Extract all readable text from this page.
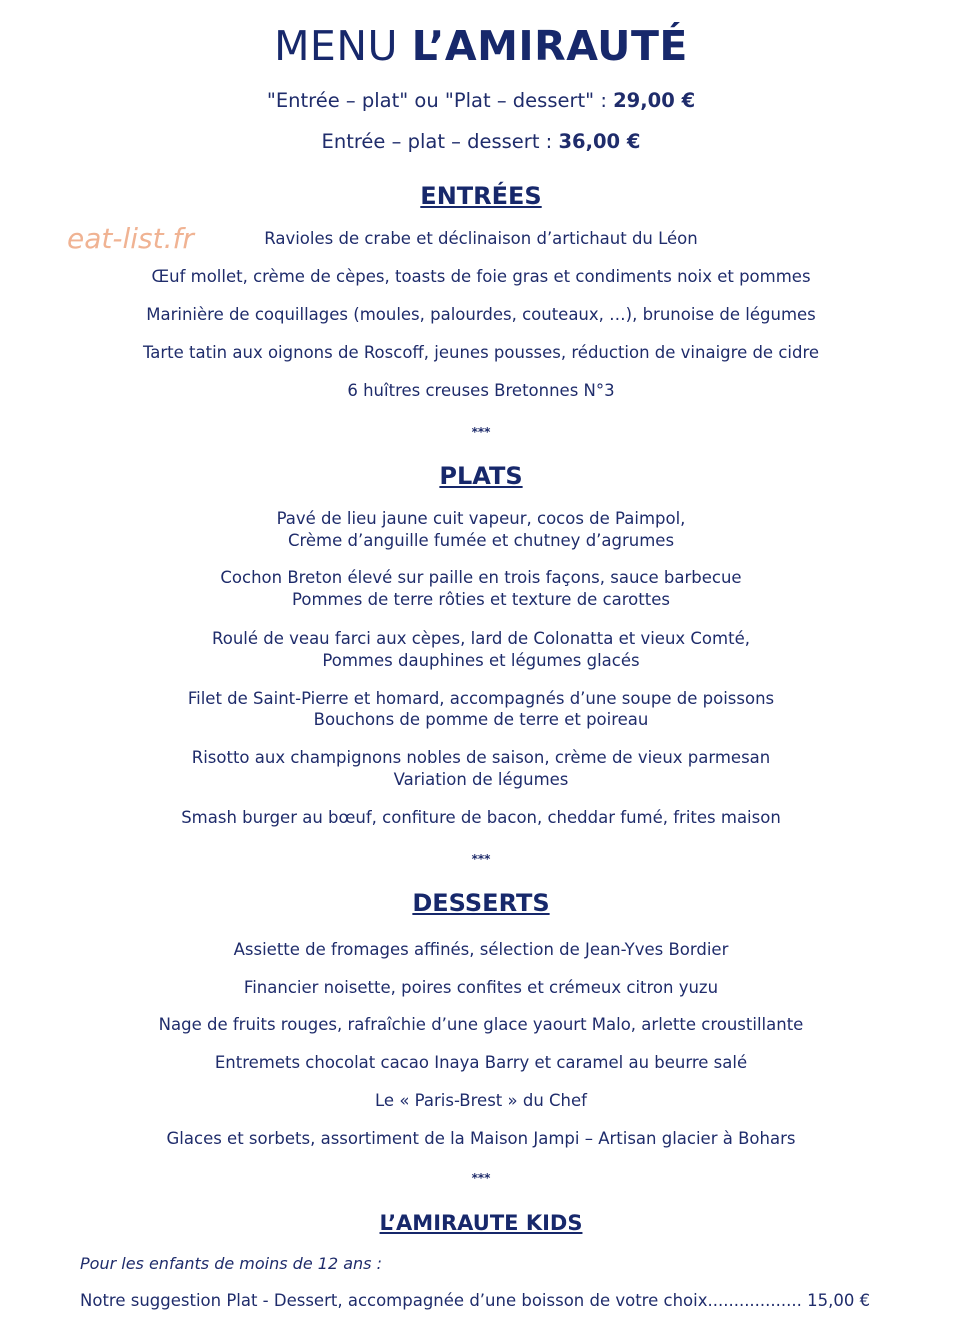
MENU L’AMIRAUTÉ
"Entrée – plat" ou "Plat – dessert" : 29,00 €
Entrée – plat – dessert : 36,00 €
eat-list.fr
ENTRÉES
Ravioles de crabe et déclinaison d’artichaut du Léon
Œuf mollet, crème de cèpes, toasts de foie gras et condiments noix et pommes
Marinière de coquillages (moules, palourdes, couteaux, …), brunoise de légumes
Tarte tatin aux oignons de Roscoff, jeunes pousses, réduction de vinaigre de cidre
6 huîtres creuses Bretonnes N°3
***
PLATS
Pavé de lieu jaune cuit vapeur, cocos de Paimpol,
Crème d’anguille fumée et chutney d’agrumes
Cochon Breton élevé sur paille en trois façons, sauce barbecue
Pommes de terre rôties et texture de carottes
Roulé de veau farci aux cèpes, lard de Colonatta et vieux Comté,
Pommes dauphines et légumes glacés
Filet de Saint-Pierre et homard, accompagnés d’une soupe de poissons
Bouchons de pomme de terre et poireau
Risotto aux champignons nobles de saison, crème de vieux parmesan
Variation de légumes
Smash burger au bœuf, confiture de bacon, cheddar fumé, frites maison
***
DESSERTS
Assiette de fromages affinés, sélection de Jean-Yves Bordier
Financier noisette, poires confites et crémeux citron yuzu
Nage de fruits rouges, rafraîchie d’une glace yaourt Malo, arlette croustillante
Entremets chocolat cacao Inaya Barry et caramel au beurre salé
Le « Paris-Brest » du Chef
Glaces et sorbets, assortiment de la Maison Jampi – Artisan glacier à Bohars
***
L’AMIRAUTE KIDS
Pour les enfants de moins de 12 ans :
Notre suggestion Plat - Dessert, accompagnée d’une boisson de votre choix.................. 15,00 €
